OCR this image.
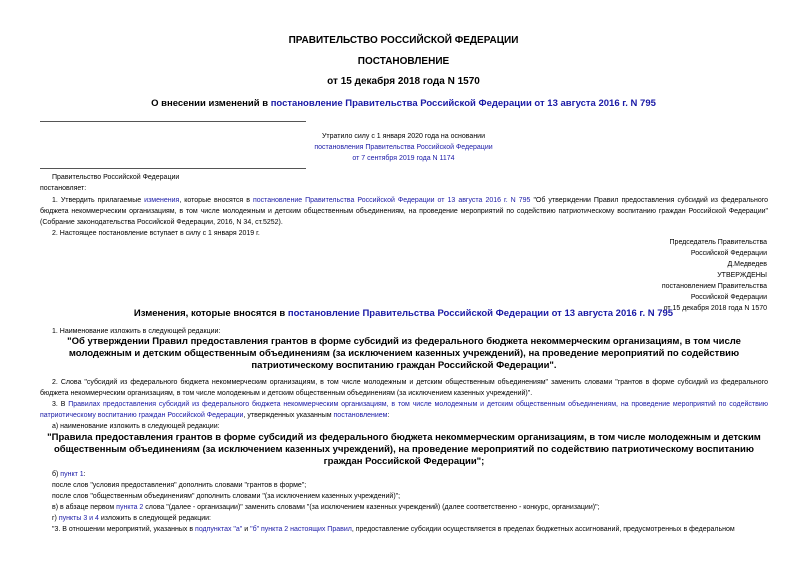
ПРАВИТЕЛЬСТВО РОССИЙСКОЙ ФЕДЕРАЦИИ
ПОСТАНОВЛЕНИЕ
от 15 декабря 2018 года N 1570
О внесении изменений в постановление Правительства Российской Федерации от 13 августа 2016 г. N 795
Утратило силу с 1 января 2020 года на основании
постановления Правительства Российской Федерации
от 7 сентября 2019 года N 1174
Правительство Российской Федерации
постановляет:
1. Утвердить прилагаемые изменения, которые вносятся в постановление Правительства Российской Федерации от 13 августа 2016 г. N 795 "Об утверждении Правил предоставления субсидий из федерального бюджета некоммерческим организациям, в том числе молодежным и детским общественным объединениям, на проведение мероприятий по содействию патриотическому воспитанию граждан Российской Федерации" (Собрание законодательства Российской Федерации, 2016, N 34, ст.5252).
2. Настоящее постановление вступает в силу с 1 января 2019 г.
Председатель Правительства
Российской Федерации
Д.Медведев
УТВЕРЖДЕНЫ
постановлением Правительства
Российской Федерации
от 15 декабря 2018 года N 1570
Изменения, которые вносятся в постановление Правительства Российской Федерации от 13 августа 2016 г. N 795
1. Наименование изложить в следующей редакции:
"Об утверждении Правил предоставления грантов в форме субсидий из федерального бюджета некоммерческим организациям, в том числе молодежным и детским общественным объединениям (за исключением казенных учреждений), на проведение мероприятий по содействию патриотическому воспитанию граждан Российской Федерации".
2. Слова "субсидий из федерального бюджета некоммерческим организациям, в том числе молодежным и детским общественным объединениям" заменить словами "грантов в форме субсидий из федерального бюджета некоммерческим организациям, в том числе молодежным и детским общественным объединениям (за исключением казенных учреждений)".
3. В Правилах предоставления субсидий из федерального бюджета некоммерческим организациям, в том числе молодежным и детским общественным объединениям, на проведение мероприятий по содействию патриотическому воспитанию граждан Российской Федерации, утвержденных указанным постановлением:
а) наименование изложить в следующей редакции:
"Правила предоставления грантов в форме субсидий из федерального бюджета некоммерческим организациям, в том числе молодежным и детским общественным объединениям (за исключением казенных учреждений), на проведение мероприятий по содействию патриотическому воспитанию граждан Российской Федерации";
б) пункт 1:
после слов "условия предоставления" дополнить словами "грантов в форме";
после слов "общественным объединениям" дополнить словами "(за исключением казенных учреждений)";
в) в абзаце первом пункта 2 слова "(далее - организации)" заменить словами "(за исключением казенных учреждений) (далее соответственно - конкурс, организации)";
г) пункты 3 и 4 изложить в следующей редакции:
"3. В отношении мероприятий, указанных в подпунктах "а" и "б" пункта 2 настоящих Правил, предоставление субсидии осуществляется в пределах бюджетных ассигнований, предусмотренных в федеральном
